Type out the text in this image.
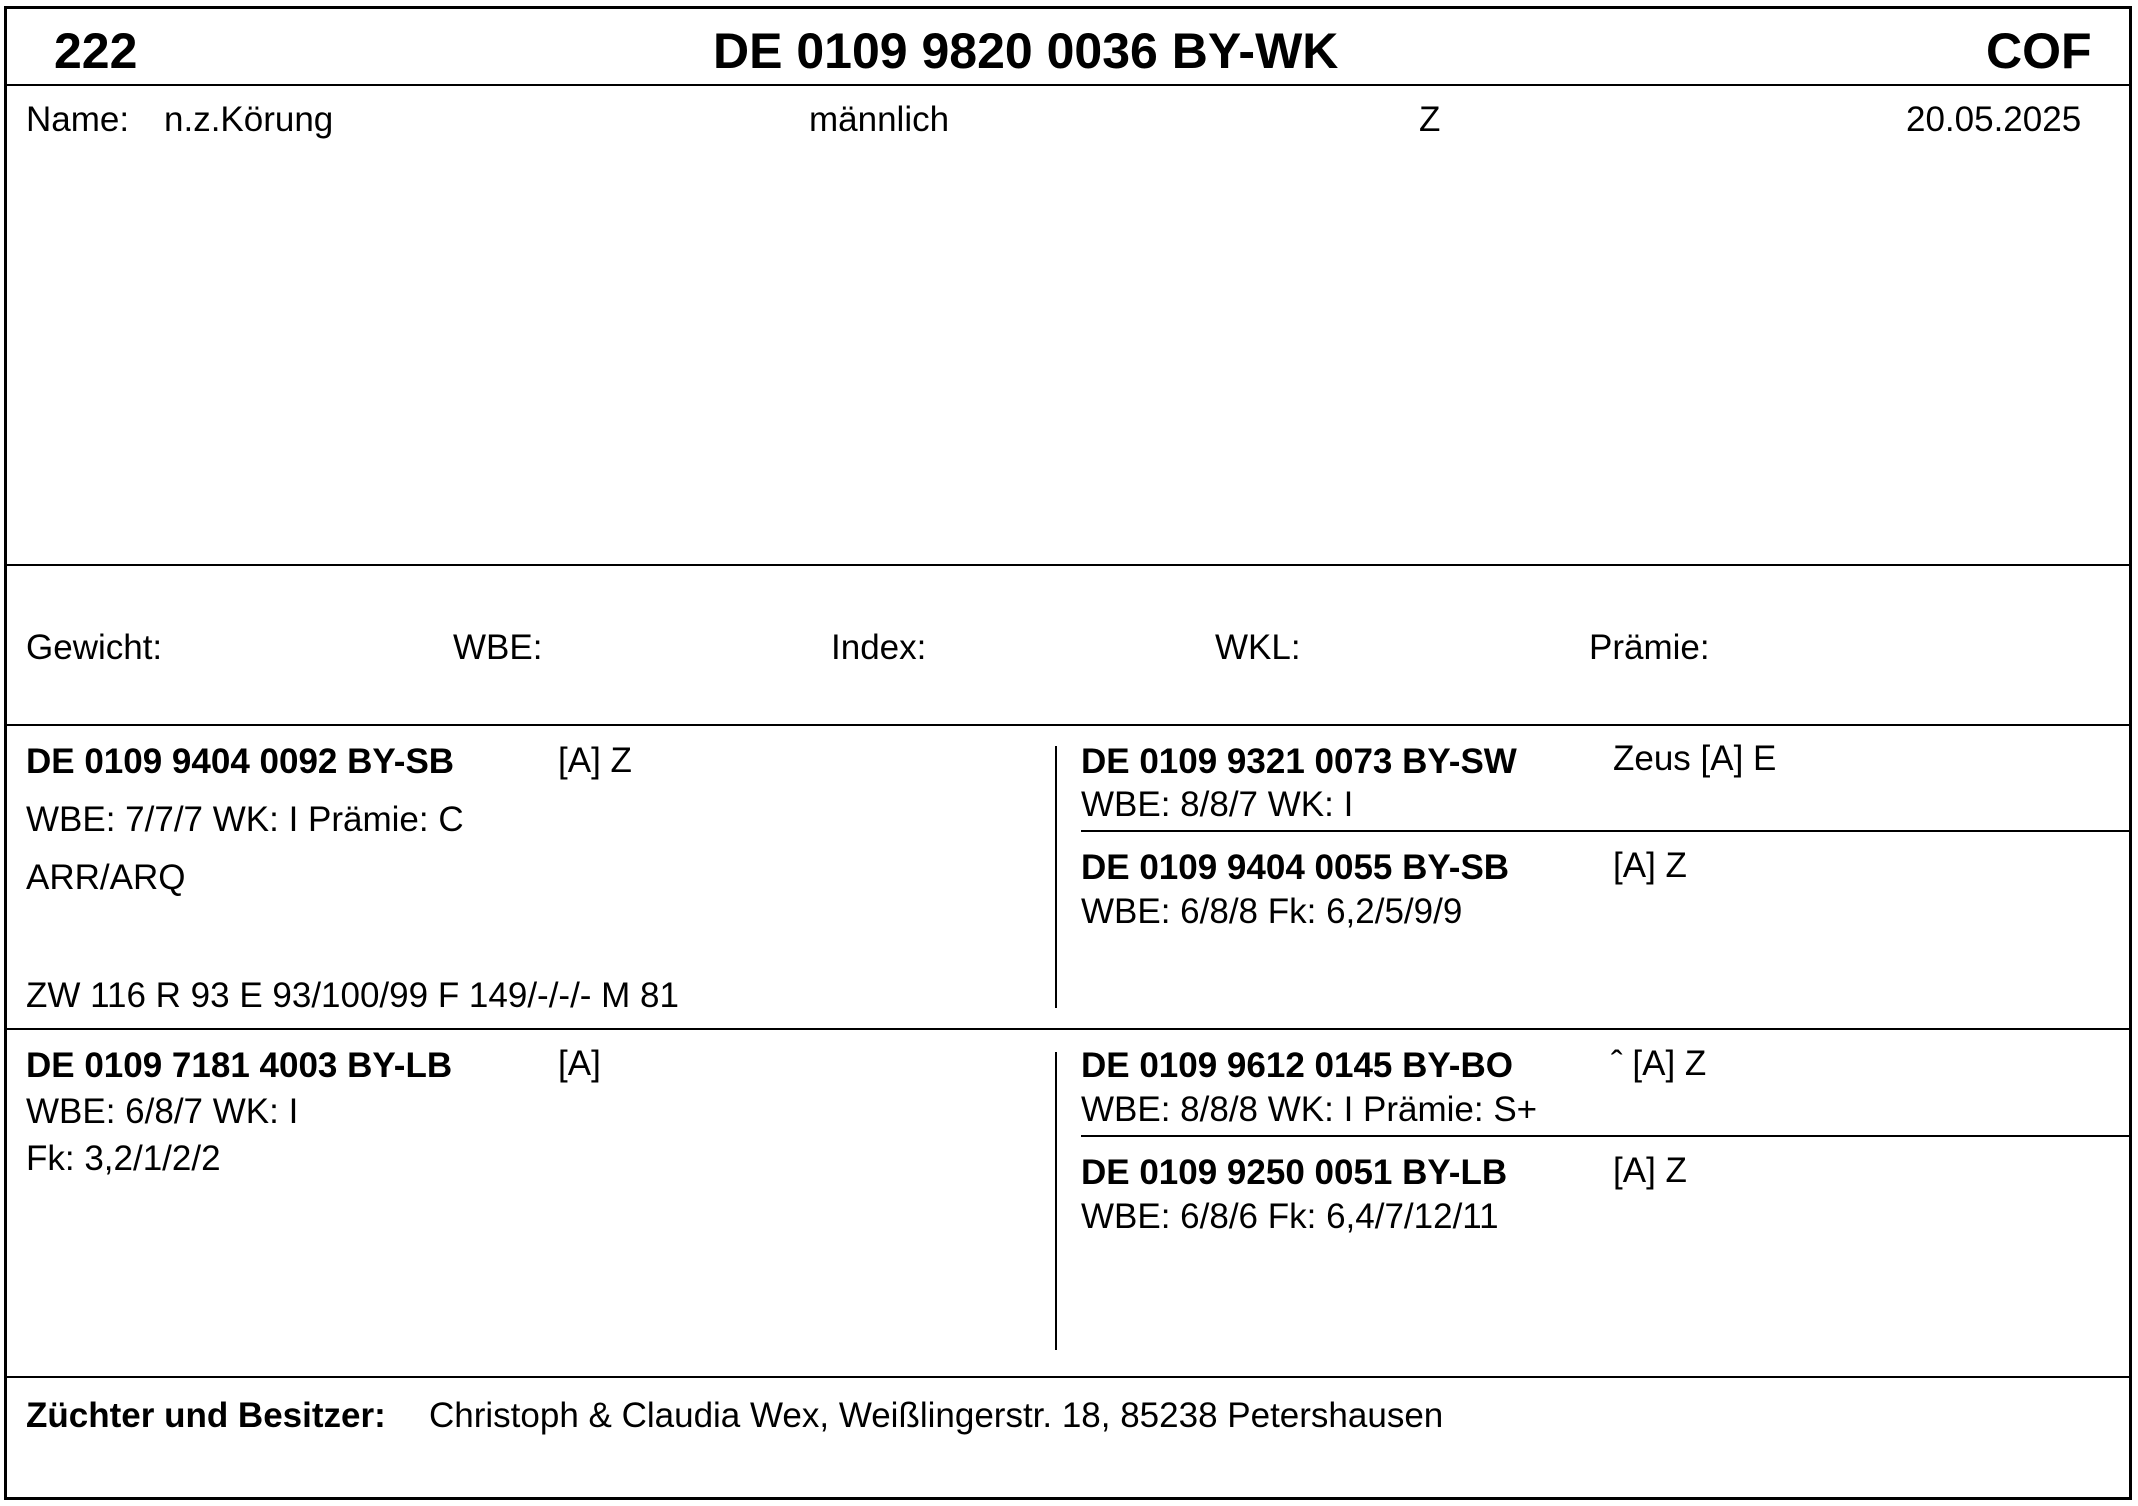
222	DE 0109 9820 0036 BY-WK	COF
Name: n.z.Körung	männlich	Z	20.05.2025
Gewicht:	WBE:	Index:	WKL:	Prämie:
DE 0109 9404 0092 BY-SB	[A] Z
WBE: 7/7/7 WK: I Prämie: C
ARR/ARQ
ZW 116 R 93 E 93/100/99 F 149/-/-/- M 81
DE 0109 9321 0073 BY-SW	Zeus [A] E
WBE: 8/8/7 WK: I
DE 0109 9404 0055 BY-SB	[A] Z
WBE: 6/8/8 Fk: 6,2/5/9/9
DE 0109 7181 4003 BY-LB	[A]
WBE: 6/8/7 WK: I
Fk: 3,2/1/2/2
DE 0109 9612 0145 BY-BO	ˆ [A] Z
WBE: 8/8/8 WK: I Prämie: S+
DE 0109 9250 0051 BY-LB	[A] Z
WBE: 6/8/6 Fk: 6,4/7/12/11
Züchter und Besitzer: Christoph & Claudia Wex, Weißlingerstr. 18, 85238 Petershausen
